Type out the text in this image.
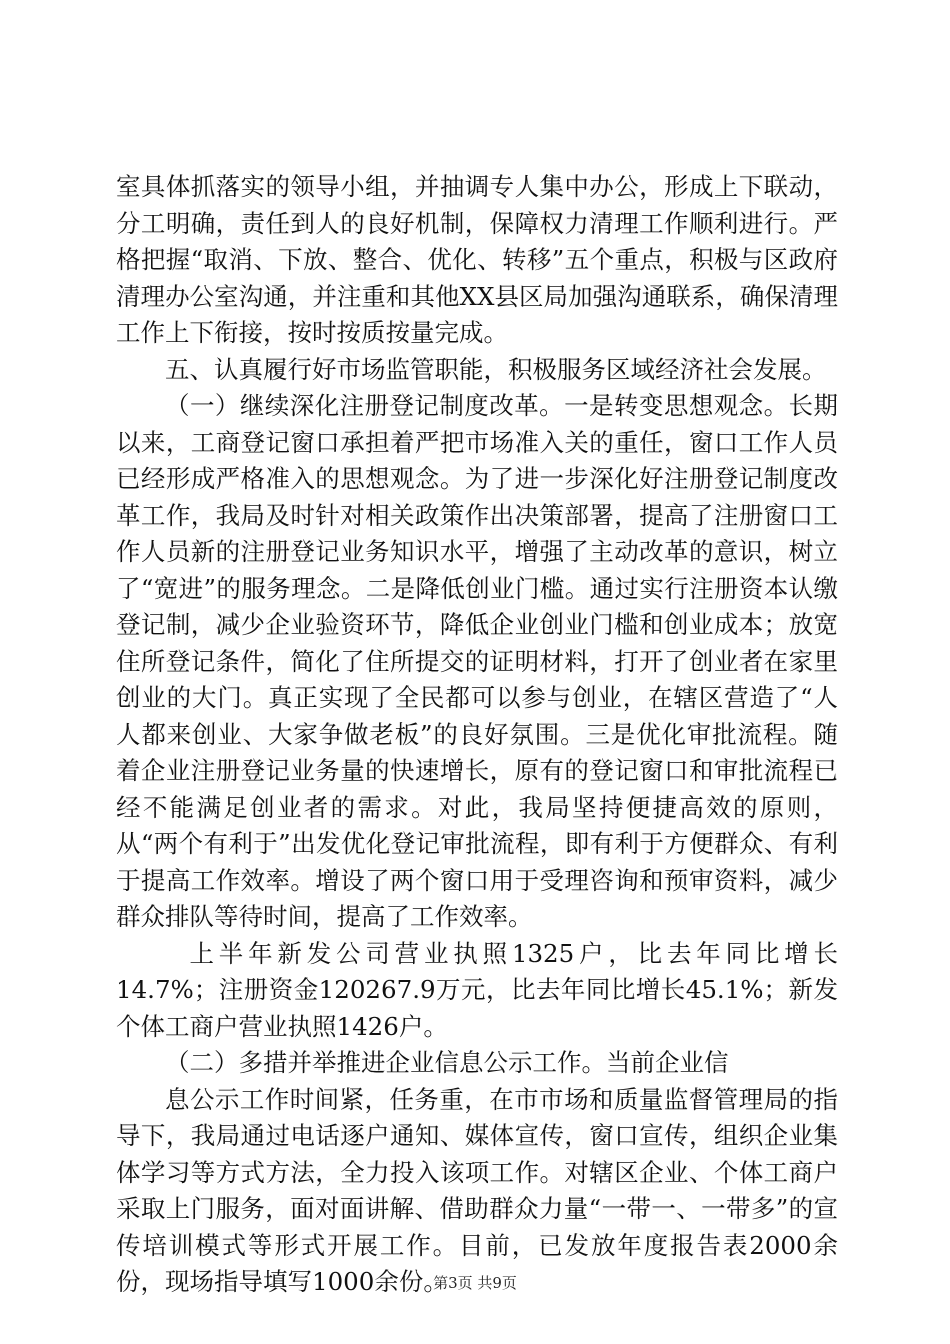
室具体抓落实的领导小组，并抽调专人集中办公，形成上下联动，分工明确，责任到人的良好机制，保障权力清理工作顺利进行。严格把握“取消、下放、整合、优化、转移”五个重点，积极与区政府清理办公室沟通，并注重和其他XX县区局加强沟通联系，确保清理工作上下衔接，按时按质按量完成。

五、认真履行好市场监管职能，积极服务区域经济社会发展。

（一）继续深化注册登记制度改革。一是转变思想观念。长期以来，工商登记窗口承担着严把市场准入关的重任，窗口工作人员已经形成严格准入的思想观念。为了进一步深化好注册登记制度改革工作，我局及时针对相关政策作出决策部署，提高了注册窗口工作人员新的注册登记业务知识水平，增强了主动改革的意识，树立了“宽进”的服务理念。二是降低创业门槛。通过实行注册资本认缴登记制，减少企业验资环节，降低企业创业门槛和创业成本；放宽住所登记条件，简化了住所提交的证明材料，打开了创业者在家里创业的大门。真正实现了全民都可以参与创业，在辖区营造了“人人都来创业、大家争做老板”的良好氛围。三是优化审批流程。随着企业注册登记业务量的快速增长，原有的登记窗口和审批流程已经不能满足创业者的需求。对此，我局坚持便捷高效的原则，从“两个有利于”出发优化登记审批流程，即有利于方便群众、有利于提高工作效率。增设了两个窗口用于受理咨询和预审资料，减少群众排队等待时间，提高了工作效率。

上半年新发公司营业执照1325户，比去年同比增长14.7%；注册资金120267.9万元，比去年同比增长45.1%；新发个体工商户营业执照1426户。

（二）多措并举推进企业信息公示工作。当前企业信

息公示工作时间紧，任务重，在市市场和质量监督管理局的指导下，我局通过电话逐户通知、媒体宣传，窗口宣传，组织企业集体学习等方式方法，全力投入该项工作。对辖区企业、个体工商户采取上门服务，面对面讲解、借助群众力量“一带一、一带多”的宣传培训模式等形式开展工作。目前，已发放年度报告表2000余份，现场指导填写1000余份。

第3页 共9页
